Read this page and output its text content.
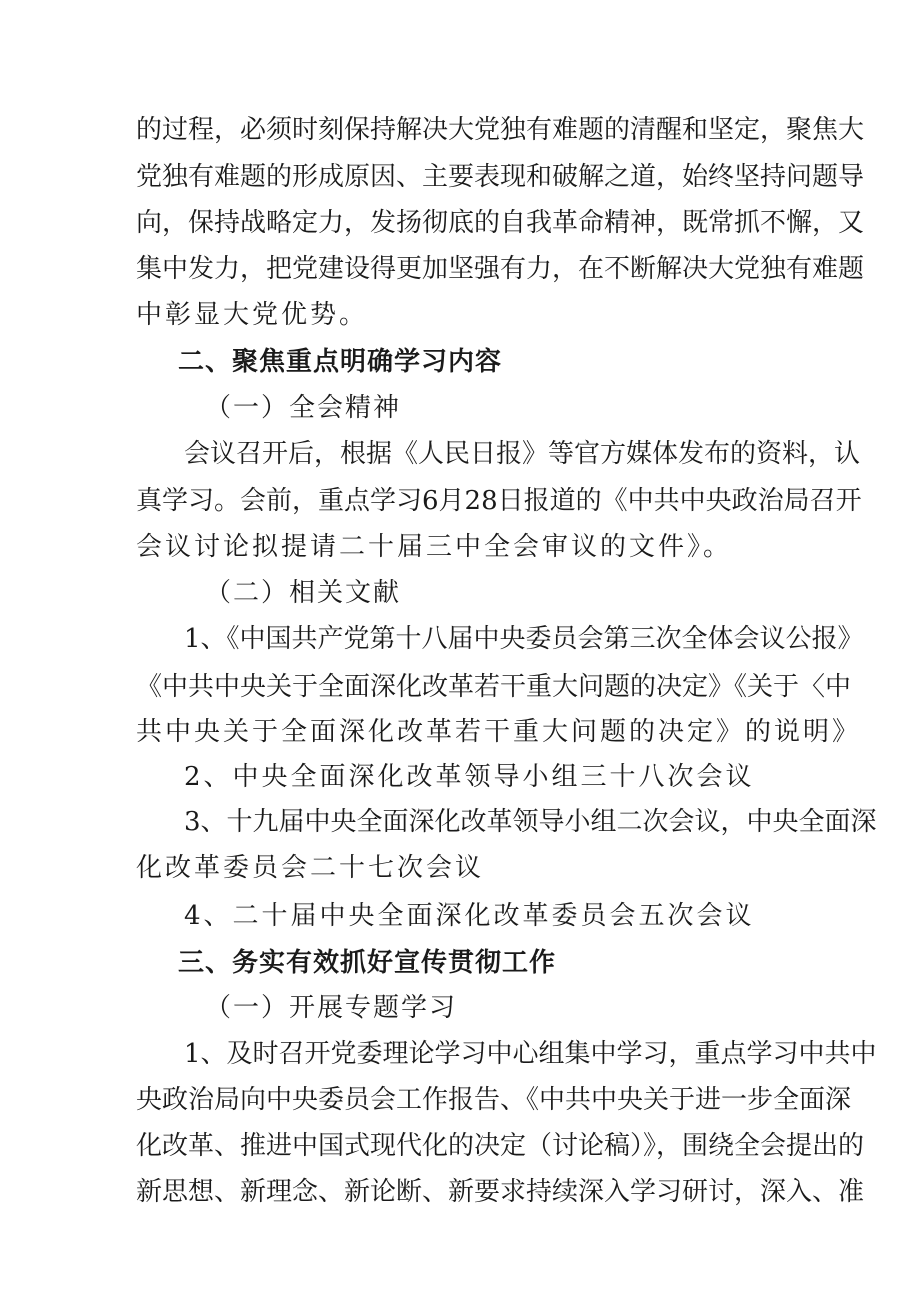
的过程，必须时刻保持解决大党独有难题的清醒和坚定，聚焦大
党独有难题的形成原因、主要表现和破解之道，始终坚持问题导
向，保持战略定力，发扬彻底的自我革命精神，既常抓不懈，又
集中发力，把党建设得更加坚强有力，在不断解决大党独有难题
中彰显大党优势。
二、聚焦重点明确学习内容
（一）全会精神
会议召开后，根据《人民日报》等官方媒体发布的资料，认
真学习。会前，重点学习6月28日报道的《中共中央政治局召开
会议讨论拟提请二十届三中全会审议的文件》。
（二）相关文献
1、《中国共产党第十八届中央委员会第三次全体会议公报》
《中共中央关于全面深化改革若干重大问题的决定》《关于〈中
共中央关于全面深化改革若干重大问题的决定》的说明》
2、中央全面深化改革领导小组三十八次会议
3、十九届中央全面深化改革领导小组二次会议，中央全面深
化改革委员会二十七次会议
4、二十届中央全面深化改革委员会五次会议
三、务实有效抓好宣传贯彻工作
（一）开展专题学习
1、及时召开党委理论学习中心组集中学习，重点学习中共中
央政治局向中央委员会工作报告、《中共中央关于进一步全面深
化改革、推进中国式现代化的决定（讨论稿）》，围绕全会提出的
新思想、新理念、新论断、新要求持续深入学习研讨，深入、准
